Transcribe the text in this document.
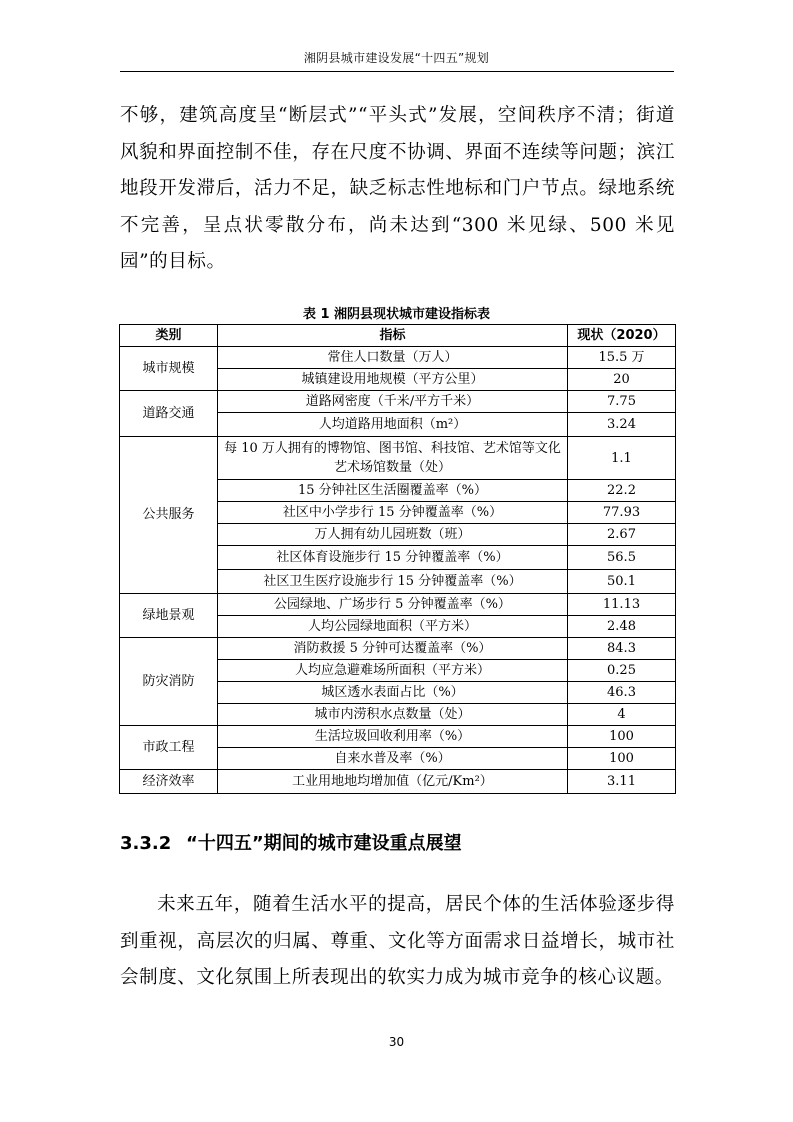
湘阴县城市建设发展“十四五”规划

不够，建筑高度呈“断层式”“平头式”发展，空间秩序不清；街道风貌和界面控制不佳，存在尺度不协调、界面不连续等问题；滨江地段开发滞后，活力不足，缺乏标志性地标和门户节点。绿地系统不完善，呈点状零散分布，尚未达到“300 米见绿、500 米见园”的目标。

表 1 湘阴县现状城市建设指标表
类别	指标	现状（2020）
城市规模	常住人口数量（万人）	15.5 万
	城镇建设用地规模（平方公里）	20
道路交通	道路网密度（千米/平方千米）	7.75
	人均道路用地面积（m²）	3.24
公共服务	每 10 万人拥有的博物馆、图书馆、科技馆、艺术馆等文化艺术场馆数量（处）	1.1
	15 分钟社区生活圈覆盖率（%）	22.2
	社区中小学步行 15 分钟覆盖率（%）	77.93
	万人拥有幼儿园班数（班）	2.67
	社区体育设施步行 15 分钟覆盖率（%）	56.5
	社区卫生医疗设施步行 15 分钟覆盖率（%）	50.1
绿地景观	公园绿地、广场步行 5 分钟覆盖率（%）	11.13
	人均公园绿地面积（平方米）	2.48
防灾消防	消防救援 5 分钟可达覆盖率（%）	84.3
	人均应急避难场所面积（平方米）	0.25
	城区透水表面占比（%）	46.3
	城市内涝积水点数量（处）	4
市政工程	生活垃圾回收利用率（%）	100
	自来水普及率（%）	100
经济效率	工业用地地均增加值（亿元/Km²）	3.11
3.3.2 “十四五”期间的城市建设重点展望

未来五年，随着生活水平的提高，居民个体的生活体验逐步得到重视，高层次的归属、尊重、文化等方面需求日益增长，城市社会制度、文化氛围上所表现出的软实力成为城市竞争的核心议题。

30
